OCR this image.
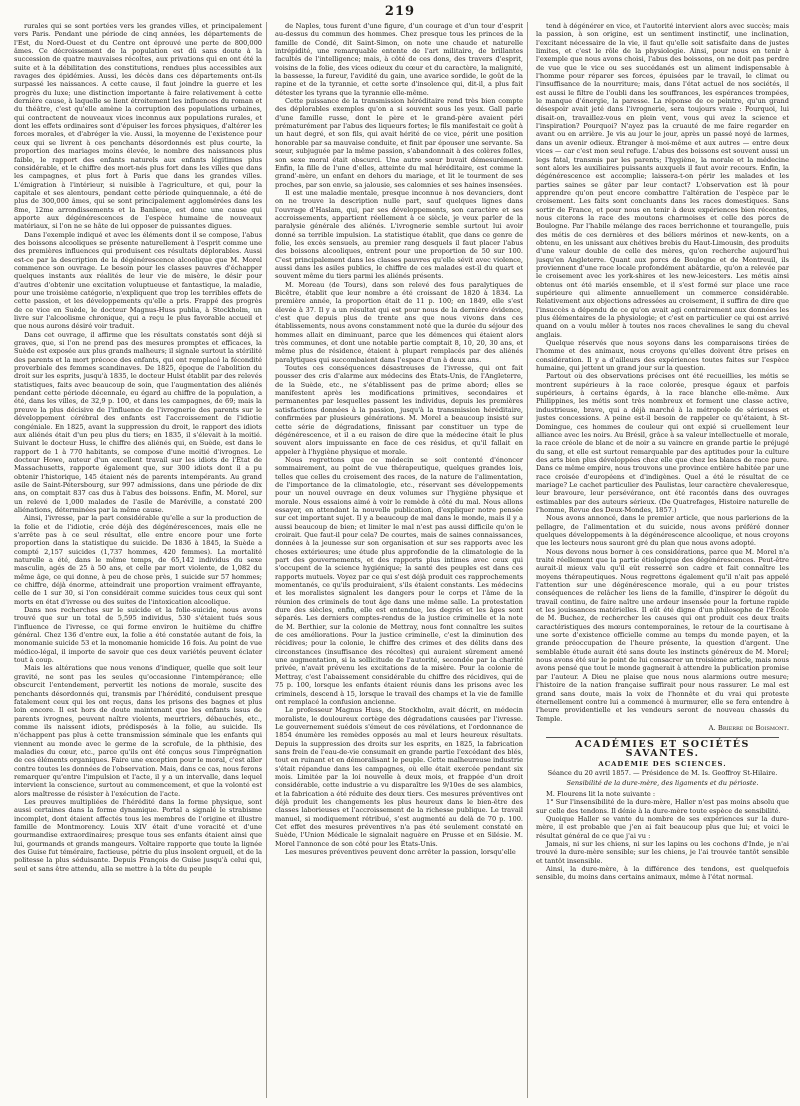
219

rurales qui se sont portées vers les grandes villes, et principalement vers Paris. Pendant une période de cinq années, les départements de l'Est, du Nord-Ouest et du Centre ont éprouvé une perte de 800,000 âmes. Ce décroissement de la population est dû sans doute à la succession de quatre mauvaises récoltes, aux privations qui en ont été la suite et à la débilitation des constitutions, rendues plus accessibles aux ravages des épidémies. Aussi, les décès dans ces départements ont-ils surpassé les naissances. A cette cause, il faut joindre la guerre et les progrès du luxe; une distinction importante à faire relativement à cette dernière cause, à laquelle se lient étroitement les influences du roman et du théâtre, c'est qu'elle amène la corruption des populations urbaines, qui contractent de nouveaux vices inconnus aux populations rurales, et dont les effets ordinaires sont d'épuiser les forces physiques, d'altérer les forces morales, et d'abréger la vie. Aussi, la moyenne de l'existence pour ceux qui se livrent à ces penchants désordonnés est plus courte, la proportion des mariages moins élevée, le nombre des naissances plus faible, le rapport des enfants naturels aux enfants légitimes plus considérable, et le chiffre des mort-nés plus fort dans les villes que dans les campagnes, et plus fort à Paris que dans les grandes villes. L'émigration à l'intérieur, si nuisible à l'agriculture, et qui, pour la capitale et ses alentours, pendant cette période quinquennale, a été de plus de 300,000 âmes, qui se sont principalement agglomérées dans les 8me, 12me arrondissements et la Banlieue, est donc une cause qui apporte aux dégénérescences de l'espèce humaine de nouveaux matériaux, si l'on ne se hâte de lui opposer de puissantes digues.

Dans l'exemple indiqué et avec les éléments dont il se compose, l'abus des boissons alcooliques se présente naturellement à l'esprit comme une des premières influences qui produisent ces résultats déplorables. Aussi est-ce par la description de la dégénérescence alcoolique que M. Morel commence son ouvrage. Le besoin pour les classes pauvres d'échapper quelques instants aux réalités de leur vie de misère, le désir pour d'autres d'obtenir une excitation voluptueuse et fantastique, la maladie, pour une troisième catégorie, n'expliquent que trop les terribles effets de cette passion, et les développements qu'elle a pris. Frappé des progrès de ce vice en Suède, le docteur Magnus-Huss publia, à Stockholm, un livre sur l'alcoolisme chronique, qui a reçu le plus favorable accueil et que nous aurons désiré voir traduit.

Dans cet ouvrage, il affirme que les résultats constatés sont déjà si graves, que, si l'on ne prend pas des mesures promptes et efficaces, la Suède est exposée aux plus grands malheurs; il signale surtout la stérilité des parents et la mort précoce des enfants, qui ont remplacé la fécondité proverbiale des femmes scandinaves. De 1825, époque de l'abolition du droit sur les esprits, jusqu'à 1835, le docteur Hulst établit par des relevés statistiques, faits avec beaucoup de soin, que l'augmentation des aliénés pendant cette période décennale, eu égard au chiffre de la population, a été, dans les villes, de 32,9 p. 100, et dans les campagnes, de 69; mais la preuve la plus décisive de l'influence de l'ivrognerie des parents sur le développement cérébral des enfants est l'accroissement de l'idiotie congéniale. En 1825, avant la suppression du droit, le rapport des idiots aux aliénés était d'un peu plus du tiers; en 1835, il s'élevait à la moitié. Suivant le docteur Huss, le chiffre des aliénés qui, en Suède, est dans le rapport de 1 à 770 habitants, se compose d'une moitié d'ivrognes. Le docteur Howe, auteur d'un excellent travail sur les idiots de l'État de Massachusetts, rapporte également que, sur 300 idiots dont il a pu obtenir l'historique, 145 étaient nés de parents intempérants. Au grand asile de Saint-Pétersbourg, sur 997 admissions, dans une période de dix ans, on comptait 837 cas dus à l'abus des boissons. Enfin, M. Morel, sur un relevé de 1,000 malades de l'asile de Maréville, a constaté 200 aliénations, déterminées par la même cause.

Ainsi, l'ivresse, par la part considérable qu'elle a sur la production de la folie et de l'idiotie, crée déjà des dégénérescences, mais elle ne s'arrête pas à ce seul résultat, elle entre encore pour une forte proportion dans la statistique du suicide. De 1836 à 1845, la Suède a compté 2,157 suicides (1,737 hommes, 420 femmes). La mortalité naturelle a été, dans le même temps, de 65,142 individus du sexe masculin, agés de 25 à 50 ans, et celle par mort violente, de 1,082 du même âge, ce qui donne, à peu de chose près, 1 suicide sur 57 hommes; ce chiffre, déjà énorme, atteindrait une proportion vraiment effrayante, celle de 1 sur 30, si l'on considérait comme suicides tous ceux qui sont morts en état d'ivresse ou des suites de l'intoxication alcoolique.

Dans nos recherches sur le suicide et la folie-suicide, nous avons trouvé que sur un total de 5,595 individus, 530 s'étaient tués sous l'influence de l'ivresse, ce qui forme environ le huitième du chiffre général. Chez 136 d'entre eux, la folie a été constatée autant de fois, la monomanie suicide 53 et la monomanie homicide 16 fois. Au point de vue médico-légal, il importe de savoir que ces deux variétés peuvent éclater tout à coup.

Mais les altérations que nous venons d'indiquer, quelle que soit leur gravité, ne sont pas les seules qu'occasionne l'intempérance; elle obscurcit l'entendement, pervertit les notions de morale, suscite des penchants désordonnés qui, transmis par l'hérédité, conduisent presque fatalement ceux qui les ont reçus, dans les prisons des bagnes et plus loin encore. Il est hors de doute maintenant que les enfants issus de parents ivrognes, peuvent naître violents, meurtriers, débauchés, etc., comme ils naissent idiots, prédisposés à la folie, au suicide. Ils n'échappent pas plus à cette transmission séminale que les enfants qui viennent au monde avec le germe de la scrofule, de la phthisie, des maladies du cœur, etc., parce qu'ils ont été conçus sous l'imprégnation de ces éléments organiques. Faire une exception pour le moral, c'est aller contre toutes les données de l'observation. Mais, dans ce cas, nous ferons remarquer qu'entre l'impulsion et l'acte, il y a un intervalle, dans lequel intervient la conscience, surtout au commencement, et que la volonté est alors maîtresse de résister à l'exécution de l'acte.

Les preuves multipliées de l'hérédité dans la forme physique, sont aussi certaines dans la forme dynamique. Portal a signalé le strabisme incomplet, dont étaient affectés tous les membres de l'origine et illustre famille de Montmorency. Louis XIV était d'une voracité et d'une gourmandise extraordinaires; presque tous ses enfants étaient ainsi que lui, gourmands et grands mangeurs. Voltaire rapporte que toute la lignée des Guise fut téméraire, factieuse, pétrie du plus insolent orgueil, et de la politesse la plus séduisante. Depuis François de Guise jusqu'à celui qui, seul et sans être attendu, alla se mettre à la tête du peuple

de Naples, tous furent d'une figure, d'un courage et d'un tour d'esprit au-dessus du commun des hommes. Chez presque tous les princes de la famille de Condé, dit Saint-Simon, on note une chaude et naturelle intrépidité, une remarquable entente de l'art militaire, de brillantes facultés de l'intelligence; mais, à côté de ces dons, des travers d'esprit, voisins de la folie, des vices odieux du cœur et du caractère, la malignité, la bassesse, la fureur, l'avidité du gain, une avarice sordide, le goût de la rapine et de la tyrannie, et cette sorte d'insolence qui, dit-il, a plus fait détester les tyrans que la tyrannie elle-même.

Cette puissance de la transmission héréditaire rend très bien compte des déplorables exemples qu'on a si souvent sous les yeux. Gall parle d'une famille russe, dont le père et le grand-père avaient péri prématurément par l'abus des liqueurs fortes; le fils manifestait ce goût à un haut degré, et son fils, qui avait hérité de ce vice, périt une position honorable par sa mauvaise conduite, et finit par épouser une servante. Sa sœur, subjuguée par la même passion, s'abandonnait à des colères folles, son sexe moral était obscurci. Une autre sœur buvait démesurément. Enfin, la fille de l'une d'elles, atteinte du mal héréditaire, est comme la grand'-mère, un enfant en dehors du mariage, et lit le tourment de ses proches, par son envie, sa jalousie, ses calomnies et ses haines insensées.

Il est une maladie mentale, presque inconnue à nos devanciers, dont on ne trouve la description nulle part, sauf quelques lignes dans l'ouvrage d'Haslam, qui, par ses développements, son caractère et ses accroissements, appartient réellement à ce siècle, je veux parler de la paralysie générale des aliénés. L'ivrognerie semble surtout lui avoir donné sa terrible impulsion. La statistique établit, que dans ce genre de folie, les excès sensuels, au premier rang desquels il faut placer l'abus des boissons alcooliques, entrent pour une proportion de 50 sur 100. C'est principalement dans les classes pauvres qu'elle sévit avec violence, aussi dans les asiles publics, le chiffre de ces malades est-il du quart et souvent même du tiers parmi les aliénés présents.

M. Moreau (de Tours), dans son relevé des fous paralytiques de Bicêtre, établit que leur nombre a été croissant de 1820 à 1834. La première année, la proportion était de 11 p. 100; en 1849, elle s'est élevée à 37. Il y a un résultat qui est pour nous de la dernière évidence, c'est que depuis plus de trente ans que nous vivons dans ces établissements, nous avons constamment noté que la durée du séjour des hommes allait en diminuant, parce que les démences qui étaient alors très communes, et dont une notable partie comptait 8, 10, 20, 30 ans, et même plus de résidence, étaient à plupart remplacés par des aliénés paralytiques qui succombaient dans l'espace d'un à deux ans.

Toutes ces conséquences désastreuses de l'ivresse, qui ont fait pousser des cris d'alarme aux médecins des États-Unis, de l'Angleterre, de la Suède, etc., ne s'établissent pas de prime abord; elles se manifestent après les modifications primitives, secondaires et permanentes par lesquelles passent les individus, depuis les premières satisfactions données à la passion, jusqu'à la transmission héréditaire, confirmées par plusieurs générations. M. Morel a beaucoup insisté sur cette série de dégradations, finissant par constituer un type de dégénérescence, et il a eu raison de dire que la médecine était le plus souvent alors impuissante en face de ces résidus, et qu'il fallait en appeler à l'hygiène physique et morale.

Nous regrettons que ce médecin se soit contenté d'énoncer sommairement, au point de vue thérapeutique, quelques grandes lois, telles que celles du croisement des races, de la nature de l'alimentation, de l'importance de la climatologie, etc., réservant ses développements pour un nouvel ouvrage en deux volumes sur l'hygiène physique et morale. Nous essaions aimé à voir le remède à côté du mal. Nous allons essayer, en attendant la nouvelle publication, d'expliquer notre pensée sur cet important sujet. Il y a beaucoup de mal dans le monde, mais il y a aussi beaucoup de bien; et limiter le mal n'est pas aussi difficile qu'on le croirait. Que faut-il pour cela? De courtes, mais de saines connaissances, données à la jeunesse sur son organisation et sur ses rapports avec les choses extérieures; une étude plus approfondie de la climatologie de la part des gouvernements, et des rapports plus intimes avec ceux qui s'occupent de la science hygiénique; la santé des peuples est dans ces rapports mutuels. Voyez par ce qui s'est déjà produit ces rapprochements momentanés, ce qu'ils produiraient, s'ils étaient constants. Les médecins et les moralistes signalent les dangers pour le corps et l'âme de la réunion des criminels de tout âge dans une même salle. La protestation dure des siècles, enfin, elle est entendue, les degrés et les âges sont séparés. Les derniers comptes-rendus de la justice criminelle et la note de M. Berthier, sur la colonie de Mettray, nous font connaître les suites de ces améliorations. Pour la justice criminelle, c'est la diminution des récidives; pour la colonie, le chiffre des crimes et des délits dans des circonstances (insuffisance des récoltes) qui auraient sûrement amené une augmentation, si la sollicitude de l'autorité, secondée par la charité privée, n'avait prévenu les excitations de la misère. Pour la colonie de Mettray, c'est l'abaissement considérable du chiffre des récidives, qui de 75 p. 100, lorsque les enfants étaient réunis dans les prisons avec les criminels, descend à 15, lorsque le travail des champs et la vie de famille ont remplacé la confusion ancienne.

Le professeur Magnus Huss, de Stockholm, avait décrit, en médecin moraliste, le douloureux cortège des dégradations causées par l'ivresse. Le gouvernement suédois s'émeut de ces révélations, et l'ordonnance de 1854 énumère les remèdes opposés au mal et leurs heureux résultats. Depuis la suppression des droits sur les esprits, en 1825, la fabrication sans frein de l'eau-de-vie consumait en grande partie l'excédant des blés, tout en ruinant et en démoralisant le peuple. Cette malheureuse industrie s'était répandue dans les campagnes, où elle était exercée pendant six mois. Limitée par la loi nouvelle à deux mois, et frappée d'un droit considérable, cette industrie a vu disparaître les 9/10es de ses alambics, et la fabrication a été réduite des deux tiers. Ces mesures préventives ont déjà produit les changements les plus heureux dans le bien-être des classes laborieuses et l'accroissement de la richesse publique. Le travail manuel, si modiquement rétribué, s'est augmenté au delà de 70 p. 100. Cet effet des mesures préventives n'a pas été seulement constaté en Suède, l'Union Médicale le signalait naguère en Prusse et en Silésie. M. Morel l'annonce de son côté pour les États-Unis.

Les mesures préventives peuvent donc arrêter la passion, lorsqu'elle

tend à dégénérer en vice, et l'autorité intervient alors avec succès; mais la passion, à son origine, est un sentiment instinctif, une inclination, l'excitant nécessaire de la vie, il faut qu'elle soit satisfaite dans de justes limites, et c'est le rôle de la physiologie. Ainsi, pour nous en tenir à l'exemple que nous avons choisi, l'abus des boissons, on ne doit pas perdre de vue que le vice ou ses succédanés est un aliment indispensable à l'homme pour réparer ses forces, épuisées par le travail, le climat ou l'insuffisance de la nourriture; mais, dans l'état actuel de nos sociétés, il est aussi le filtre de l'oubli dans les souffrances, les espérances trompées, le manque d'énergie, la paresse. La réponse de ce peintre, qu'un grand désespoir avait jeté dans l'ivrognerie, sera toujours vraie : Pourquoi, lui disait-on, travaillez-vous en plein vent, vous qui avez la science et l'inspiration? Pourquoi? N'ayez pas la cruauté de me faire regarder en avant ou en arrière. Je vis au jour le jour, après un passé noyé de larmes, dans un avenir odieux. Étranger à moi-même et aux autres — entre deux vices — car c'est mon seul refuge. L'abus des boissons est souvent aussi un legs fatal, transmis par les parents; l'hygiène, la morale et la médecine sont alors les auxiliaires puissants auxquels il faut avoir recours. Enfin, la dégénérescence est accomplie; laissera-t-on périr les malades et les parties saines se gâter par leur contact? L'observation est là pour apprendre qu'on peut encore combattre l'altération de l'espèce par le croisement. Les faits sont concluants dans les races domestiques. Sans sortir de France, et pour nous en tenir à deux expériences bien récentes, nous citerons la race des moutons charmoises et celle des porcs de Boulogne. Par l'habile mélange des races berrichonne et tourangelle, puis des métis de ces dernières et des béliers mérinos et new-kents, on a obtenu, en les unissant aux chétives brebis du Haut-Limousin, des produits d'une valeur double de celle des mères, qu'on recherche aujourd'hui jusqu'en Angleterre. Quant aux porcs de Boulogne et de Montreuil, ils proviennent d'une race locale profondément abâtardie, qu'on a relevée par le croisement avec les york-shires et les new-leicesters. Les métis ainsi obtenus ont été mariés ensemble, et il s'est formé sur place une race supérieure qui alimente annuellement un commerce considérable. Relativement aux objections adressées au croisement, il suffira de dire que l'insuccès a dépendu de ce qu'on avait agi contrairement aux données les plus élémentaires de la physiologie; et c'est en particulier ce qui est arrivé quand on a voulu mêler à toutes nos races chevalines le sang du cheval anglais.

Quelque réservés que nous soyons dans les comparaisons tirées de l'homme et des animaux, nous croyons qu'elles doivent être prises en considération. Il y a d'ailleurs des expériences toutes faites sur l'espèce humaine, qui jettent un grand jour sur la question.

Partout où des observations précises ont été recueillies, les métis se montrent supérieurs à la race colorée, presque égaux et parfois supérieurs, à certains égards, à la race blanche elle-même. Aux Philippines, les métis sont très nombreux et forment une classe active, industrieuse, brave, qui a déjà marché à la métropole de sérieuses et justes concessions. A peine est-il besoin de rappeler ce qu'étaient, à St-Domingue, ces hommes de couleur qui ont expié si cruellement leur alliance avec les noirs. Au Brésil, grâce à sa valeur intellectuelle et morale, la race créole de blanc et de noir a su vaincre en grande partie le préjugé du sang, et elle est surtout remarquable par des aptitudes pour la culture des arts bien plus développées chez elle que chez les blancs de race pure. Dans ce même empire, nous trouvons une province entière habitée par une race croisée d'européens et d'indigènes. Quel a été le résultat de ce mariage? Le cachet particulier des Paulistas, leur caractère chevaleresque, leur bravoure, leur persévérance, ont été racontés dans des ouvrages estimables par des auteurs sérieux. (De Quatrefages, Histoire naturelle de l'homme, Revue des Deux-Mondes, 1857.)

Nous avons annoncé, dans le premier article, que nous parlerions de la pellagre, de l'alimentation et du suicide, nous avons préféré donner quelques développements à la dégénérescence alcoolique, et nous croyons que les lecteurs nous sauront gré du plan que nous avons adopté.

Nous devons nous borner à ces considérations, parce que M. Morel n'a traité réellement que la partie étiologique des dégénérescences. Peut-être aurait-il mieux valu qu'il eût resserré son cadre et fait connaître les moyens thérapeutiques. Nous regrettons également qu'il n'ait pas appelé l'attention sur une dégénérescence morale, qui a eu pour tristes conséquences de relâcher les liens de la famille, d'inspirer le dégoût du travail continu, de faire naître une ardeur insensée pour la fortune rapide et les jouissances matérielles. Il eût été digne d'un philosophe de l'École de M. Buchez, de rechercher les causes qui ont produit ces deux traits caractéristiques des mœurs contemporaines, le retour de la courtisane à une sorte d'existence officielle comme au temps du monde payen, et la grande préoccupation de l'heure présente, la question d'argent. Une semblable étude aurait été sans doute les instincts généreux de M. Morel; nous avons été sur le point de lui consacrer un troisième article, mais nous avons pensé que tout le monde gagnerait à attendre la publication promise par l'auteur. A Dieu ne plaise que nous nous alarmions outre mesure; l'histoire de la nation française suffirait pour nous rassurer. Le mal est grand sans doute, mais la voix de l'honnête et du vrai qui proteste éternellement contre lui a commencé à murmurer, elle se fera entendre à l'heure providentielle et les vendeurs seront de nouveau chassés du Temple.

A. Brierre de Boismont.
ACADÉMIES ET SOCIÉTÉS SAVANTES.
ACADÉMIE DES SCIENCES.
Séance du 20 avril 1857. — Présidence de M. Is. Geoffroy St-Hilaire.
Sensibilité de la dure-mère, des ligaments et du périoste.

M. Flourens lit la note suivante :

1° Sur l'insensibilité de la dure-mère, Haller n'est pas moins absolu que sur celle des tendons. Il dénie à la dure-mère toute espèce de sensibilité.

Quoique Haller se vante du nombre de ses expériences sur la dure-mère, il est probable que j'en ai fait beaucoup plus que lui; et voici le résultat général de ce que j'ai vu :

Jamais, ni sur les chiens, ni sur les lapins ou les cochons d'Inde, je n'ai trouvé la dure-mère sensible; sur les chiens, je l'ai trouvée tantôt sensible et tantôt insensible.

Ainsi, la dure-mère, à la différence des tendons, est quelquefois sensible, du moins dans certains animaux, même à l'état normal.
